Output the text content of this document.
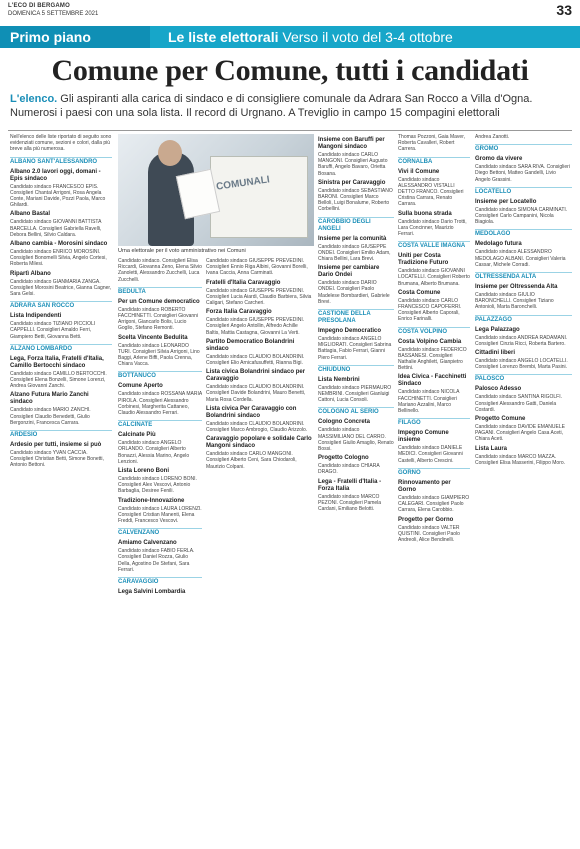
L'ECO DI BERGAMO
DOMENICA 5 SETTEMBRE 2021	33
Primo piano	Le liste elettorali Verso il voto del 3-4 ottobre
Comune per Comune, tutti i candidati
L'elenco. Gli aspiranti alla carica di sindaco e di consigliere comunale da Adrara San Rocco a Villa d'Ogna. Numerosi i paesi con una sola lista. Il record di Urgnano. A Treviglio in campo 15 compagini elettorali

Nell'elenco delle liste riportato di seguito sono evidenziati comune, sezioni e colori, dalla più breve alla più numerosa.

ALBANO SANT'ALESSANDRO
Albano 2.0 lavori oggi, domani - Epis sindaco

Candidato sindaco FRANCESCO EPIS. Consiglieri Chantal Arrigoni, Rosa Angela Conte, Mariani Davide, Pozzi Paola, Marco Ghilardi.

Albano Bastal

Candidato sindaco GIOVANNI BATTISTA BARCELLA. Consiglieri Gabriella Ravelli, Debora Bellini, Silvio Caldara.

Albano cambia - Morosini sindaco

Candidato sindaco ENRICO MOROSINI. Consiglieri Bonomelli Silvia, Angelo Cortesi, Roberta Milesi.

Ripartì Albano

Candidato sindaco GIANMARIA ZANGA. Consiglieri Morosini Beatrice, Gianna Cagner, Sara Gelsi.

ADRARA SAN ROCCO
Lista Indipendenti

Candidato sindaco TIZIANO PICCIOLI CAPPELLI. Consiglieri Amaldo Ferri, Giampiero Betti, Giovanna Betti.

ALZANO LOMBARDO
Lega, Forza Italia, Fratelli d'Italia, Camillo Bertocchi sindaco

Candidato sindaco CAMILLO BERTOCCHI. Consiglieri Elena Bonzelli, Simone Lorenzi, Andrea Giovanni Zanchi.

Alzano Futura Mario Zanchi sindaco

Candidato sindaco MARIO ZANCHI. Consiglieri Claudio Benedetti, Giulio Bergonzini, Francesca Carrara.

ARDESIO
Ardesio per tutti, insieme si può

Candidato sindaco YVAN CACCIA. Consiglieri Christian Betti, Simone Bonetti, Antonio Bettoni.

COMUNALI
Urna elettorale per il voto amministrativo nei Comuni

Candidato sindaco. Consiglieri Elisa Riccardi, Giovanna Zeno, Elena Silvio Zanoletti, Alessandro Zucchelli, Luca Zucchelli.

BEDULTA
Per un Comune democratico

Candidato sindaco ROBERTO FACCHINETTI. Consiglieri Giovanni Arrigoni, Giancarlo Bolis, Lucio Goglio, Stefano Remonti.

Scelta Vincente Bedulita

Candidato sindaco LEONARDO TURI. Consiglieri Silvia Arrigoni, Lino Baggi, Arlene Biffi, Paola Crenna, Chiara Vacca.

BOTTANUCO
Comune Aperto

Candidato sindaco ROSSANA MARIA PIROLA. Consiglieri Alessandro Corbinesi, Margherita Cattaneo, Claudio Alessandro Ferrari.

CALCINATE
Calcinate Più

Candidato sindaco ANGELO ORLANDO. Consiglieri Alberto Bonazzi, Alessia Marino, Angelo Lenzioni.

Lista Loreno Boni

Candidato sindaco LORENO BONI. Consiglieri Alex Vescovi, Antonio Barbaglia, Desiree Fenili.

Tradizione-Innovazione

Candidato sindaco LAURA LORENZI. Consiglieri Cristian Manenti, Elena Freddi, Francesco Vescovi.

CALVENZANO
Amiamo Calvenzano

Candidato sindaco FABIO FERLA. Consiglieri Daniel Rozza, Giulio Della, Agostino De Stefani, Sara Ferrari.

CARAVAGGIO
Lega Salvini Lombardia

Candidato sindaco GIUSEPPE PREVEDINI. Consiglieri Ennio Riga Albini, Giovanni Borelli, Ivana Caccia, Anna Carminati.

Fratelli d'Italia Caravaggio

Candidato sindaco GIUSEPPE PREVEDINI. Consiglieri Lucia Aiardi, Claudio Barbiera, Silvia Caligari, Stefano Carcheri.

Forza Italia Caravaggio

Candidato sindaco GIUSEPPE PREVEDINI. Consiglieri Angelo Antollin, Alfredo Achille Baltis, Mattia Castagna, Giovanni La Verti.

Partito Democratico Bolandrini sindaco

Candidato sindaco CLAUDIO BOLANDRINI. Consiglieri Elio Arnicafusuffetti, Rianna Bigi.

Lista civica Bolandrini sindaco per Caravaggio

Candidato sindaco CLAUDIO BOLANDRINI. Consiglieri Davide Bolandrini, Mauro Benetti, Maria Rosa Cordella.

Lista civica Per Caravaggio con Bolandrini sindaco

Candidato sindaco CLAUDIO BOLANDRINI. Consiglieri Marco Ambrogio, Claudio Arizzolo.

Caravaggio popolare e solidale Carlo Mangoni sindaco

Candidato sindaco CARLO MANGONI. Consiglieri Alberto Ceni, Sara Chiodaroli, Maurizio Colpani.

Insieme con Baruffi per Mangoni sindaco

Candidato sindaco CARLO MANGONI. Consiglieri Augusto Baruffi, Angelo Bavaro, Orietta Bosana.

Sinistra per Caravaggio

Candidato sindaco SEBASTIANO BARONI. Consiglieri Marco Belloli, Luigi Bonalume, Roberto Corbellini.

CAROBBIO DEGLI ANGELI
Insieme per la comunità

Candidato sindaco GIUSEPPE ONDEI. Consiglieri Emilio Adam, Chiara Bellini, Lara Brevi.

Insieme per cambiare Dario Ondei

Candidato sindaco DARIO ONDEI. Consiglieri Paolo Madelese Bombardieri, Gabriele Brevi.

CASTIONE DELLA PRESOLANA
Impegno Democratico

Candidato sindaco ANGELO MIGLIORATI. Consiglieri Sabrina Battagia, Fabio Ferrari, Gianni Piero Ferrari.

CHIUDUNO
Lista Nembrini

Candidato sindaco PIERMAURO NEMBRINI. Consiglieri Gianluigi Cattoni, Lucia Consoli.

COLOGNO AL SERIO
Cologno Concreta

Candidato sindaco MASSIMILIANO DEL CARRO. Consiglieri Giulio Amaglio, Renato Bossi.

Progetto Cologno

Candidato sindaco CHIARA DRAGO.

Lega - Fratelli d'Italia - Forza Italia

Candidato sindaco MARCO PEZONI. Consiglieri Pamela Cardani, Emiliano Belotti.

Thomas Pozzoni, Gaia Maver, Roberta Cavalleri, Robert Carrera.

CORNALBA
Vivi il Comune

Candidato sindaco ALESSANDRO VISTALLI DETTO FRANCO. Consiglieri Cristina Carrara, Renato Carrara.

Sulla buona strada

Candidato sindaco Dario Trotti, Lara Concinner, Maurizio Ferrari.

COSTA VALLE IMAGNA
Uniti per Costa Tradizione Futuro

Candidato sindaco GIOVANNI LOCATELLI. Consiglieri Roberto Brumana, Alberto Brumana.

Costa Comune

Candidato sindaco CARLO FRANCESCO CAPOFERRI. Consiglieri Alberto Caporali, Enrico Farinalli.

COSTA VOLPINO
Costa Volpino Cambia

Candidato sindaco FEDERICO BASSANESI. Consiglieri Nathalie Anghilett, Gianpietro Bettini.

Idea Civica - Facchinetti Sindaco

Candidato sindaco NICOLA FACCHINETTI. Consiglieri Mariano Azzalini, Marco Bellinello.

FILAGO
Impegno Comune insieme

Candidato sindaco DANIELE MEDICI. Consiglieri Giovanni Castelli, Alberto Crescini.

GORNO
Rinnovamento per Gorno

Candidato sindaco GIAMPIERO CALEGARI. Consiglieri Paolo Carrara, Elena Carobbio.

Progetto per Gorno

Candidato sindaco VALTER QUISTINI. Consiglieri Paolo Andreoli, Alice Bendinelli.

Andrea Zanotti.

GROMO
Gromo da vivere

Candidato sindaco SARA RIVA. Consiglieri Diego Bettoni, Matteo Gandelli, Livio Angelo Grassini.

LOCATELLO
Insieme per Locatello

Candidato sindaco SIMONA CARMINATI. Consiglieri Carlo Campanini, Nicola Biagiola.

MEDOLAGO
Medolago futura

Candidato sindaco ALESSANDRO MEDOLAGO ALBANI. Consiglieri Valeria Cassar, Michele Corradi.

OLTRESSENDA ALTA
Insieme per Oltressenda Alta

Candidato sindaco GIULIO BARONCHELLI. Consiglieri Tiziano Antonioli, Marta Baronchelli.

PALAZZAGO
Lega Palazzago

Candidato sindaco ANDREA RADAMANI. Consiglieri Cinzia Ricci, Roberta Bartero.

Cittadini liberi

Candidato sindaco ANGELO LOCATELLI. Consiglieri Lorenzo Brembi, Marta Pasini.

PALOSCO
Palosco Adesso

Candidato sindaco SANTINA RIGOLFI. Consiglieri Alessandro Gatti, Daniela Costardi.

Progetto Comune

Candidato sindaco DAVIDE EMANUELE PAGANI. Consiglieri Angelo Casa Aceti, Chiara Aceti.

Lista Laura

Candidato sindaco MARCO MAZZA. Consiglieri Elisa Masserini, Filippo Moro.
